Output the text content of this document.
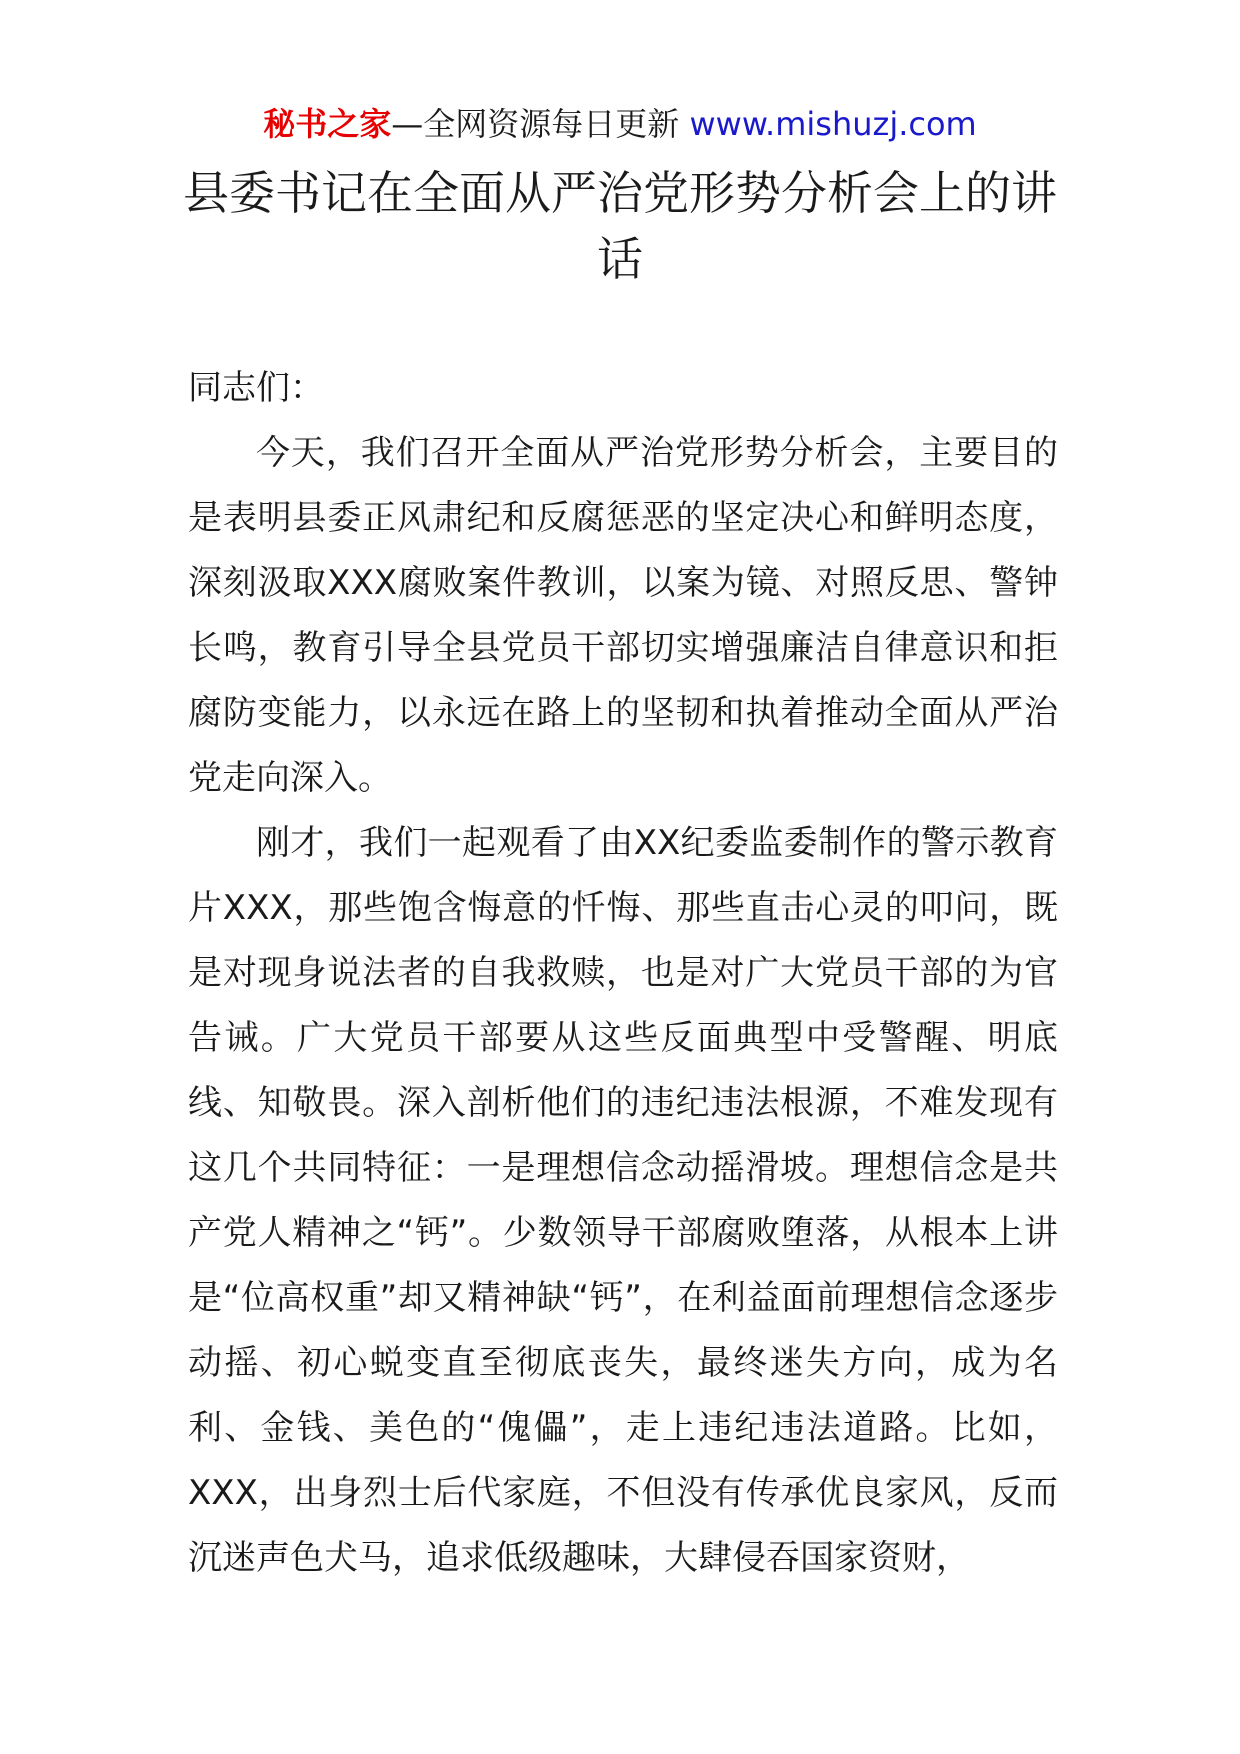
秘书之家—全网资源每日更新 www.mishuzj.com
县委书记在全面从严治党形势分析会上的讲话

同志们：

今天，我们召开全面从严治党形势分析会，主要目的是表明县委正风肃纪和反腐惩恶的坚定决心和鲜明态度，深刻汲取XXX腐败案件教训，以案为镜、对照反思、警钟长鸣，教育引导全县党员干部切实增强廉洁自律意识和拒腐防变能力，以永远在路上的坚韧和执着推动全面从严治党走向深入。

刚才，我们一起观看了由XX纪委监委制作的警示教育片XXX，那些饱含悔意的忏悔、那些直击心灵的叩问，既是对现身说法者的自我救赎，也是对广大党员干部的为官告诫。广大党员干部要从这些反面典型中受警醒、明底线、知敬畏。深入剖析他们的违纪违法根源，不难发现有这几个共同特征：一是理想信念动摇滑坡。理想信念是共产党人精神之“钙”。少数领导干部腐败堕落，从根本上讲是“位高权重”却又精神缺“钙”，在利益面前理想信念逐步动摇、初心蜕变直至彻底丧失，最终迷失方向，成为名利、金钱、美色的“傀儡”，走上违纪违法道路。比如，XXX，出身烈士后代家庭，不但没有传承优良家风，反而沉迷声色犬马，追求低级趣味，大肆侵吞国家资财，
